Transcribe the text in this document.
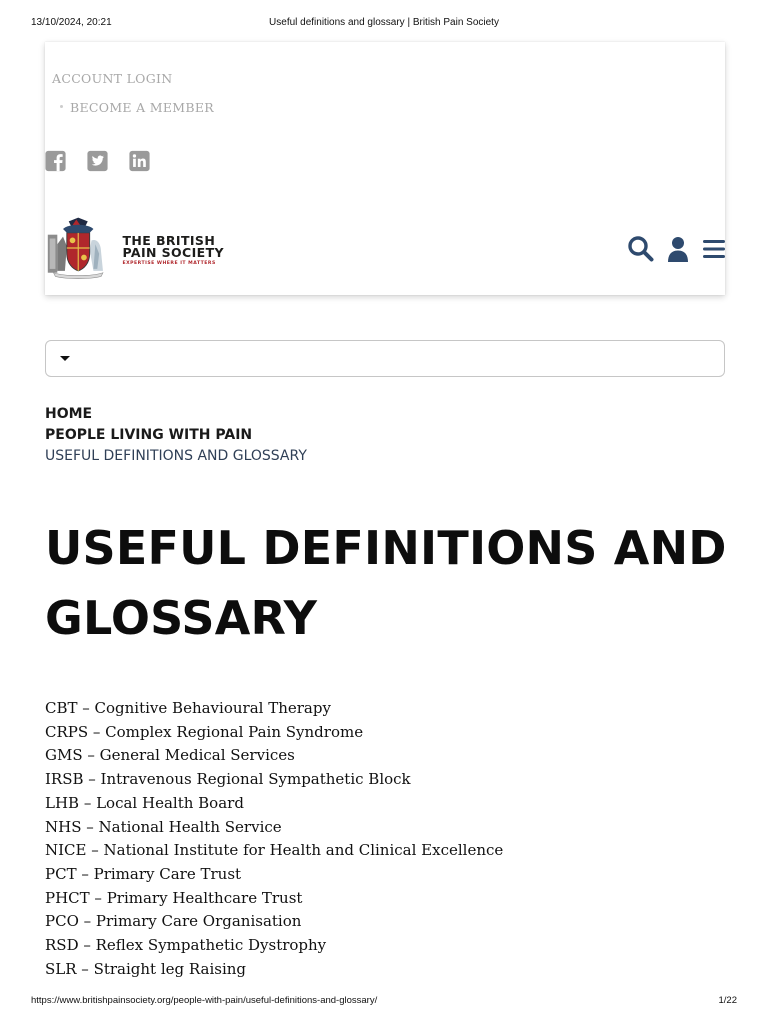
13/10/2024, 20:21	Useful definitions and glossary | British Pain Society
ACCOUNT LOGIN
BECOME A MEMBER
THE BRITISH
PAIN SOCIETY
EXPERTISE WHERE IT MATTERS
HOME
PEOPLE LIVING WITH PAIN
USEFUL DEFINITIONS AND GLOSSARY
USEFUL DEFINITIONS AND GLOSSARY
CBT – Cognitive Behavioural Therapy
CRPS – Complex Regional Pain Syndrome
GMS – General Medical Services
IRSB – Intravenous Regional Sympathetic Block
LHB – Local Health Board
NHS – National Health Service
NICE – National Institute for Health and Clinical Excellence
PCT – Primary Care Trust
PHCT – Primary Healthcare Trust
PCO – Primary Care Organisation
RSD – Reflex Sympathetic Dystrophy
SLR – Straight leg Raising
https://www.britishpainsociety.org/people-with-pain/useful-definitions-and-glossary/	1/22
